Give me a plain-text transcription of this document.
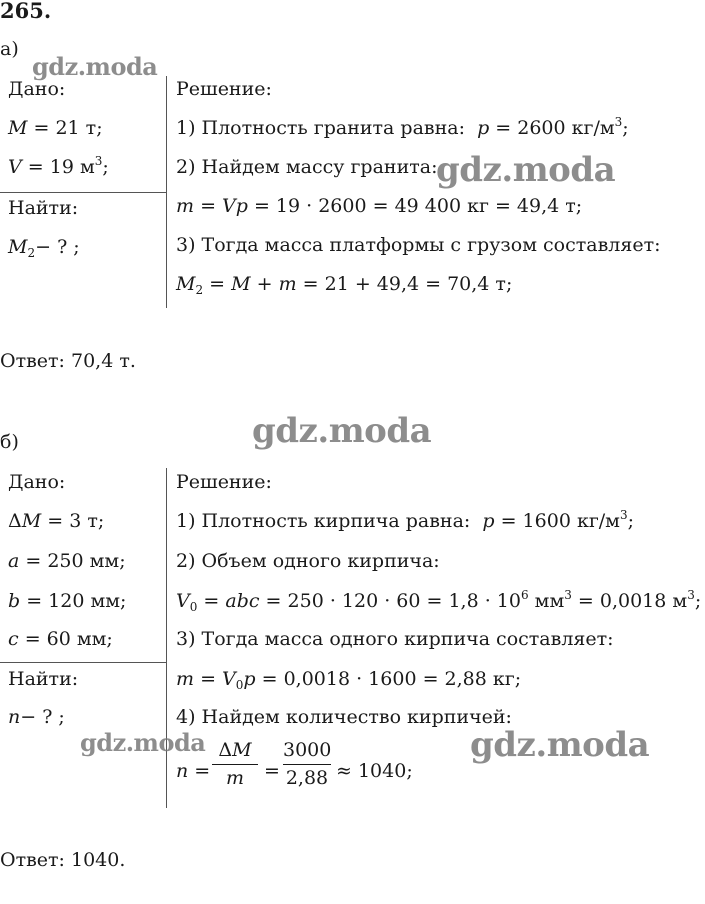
265.
а)
gdz.moda
Дано:
M = 21 т;
V = 19 $м^3$;
Найти:
$M_2-$ ? ;
Решение:
1) Плотность гранита равна:  p = 2600 $кг/м^3$;
2) Найдем массу гранита:
gdz.moda
m = Vp = 19 · 2600 = 49 400 кг = 49,4 т;
3) Тогда масса платформы с грузом составляет:
$M_2 = M + m = 21 + 49,4 = 70,4$ т;
Ответ: 70,4 т.
gdz.moda
б)
Дано:
ΔM = 3 т;
a = 250 мм;
b = 120 мм;
c = 60 мм;
Найти:
n− ? ;
Решение:
1) Плотность кирпича равна:  p = 1600 $кг/м^3$;
2) Объем одного кирпича:
$V_0$ = abc = $250 \cdot 120 \cdot 60 = 1,8 \cdot 10^6$ $мм^3 = 0,0018$ $м^3$;
3) Тогда масса одного кирпича составляет:
$m = V_0p = 0,0018 \cdot 1600 = 2,88$ кг;
4) Найдем количество кирпичей:
gdz.moda	gdz.moda
n =
ΔM
m	=
3000
2,88 ≈ 1040;
Ответ: 1040.
